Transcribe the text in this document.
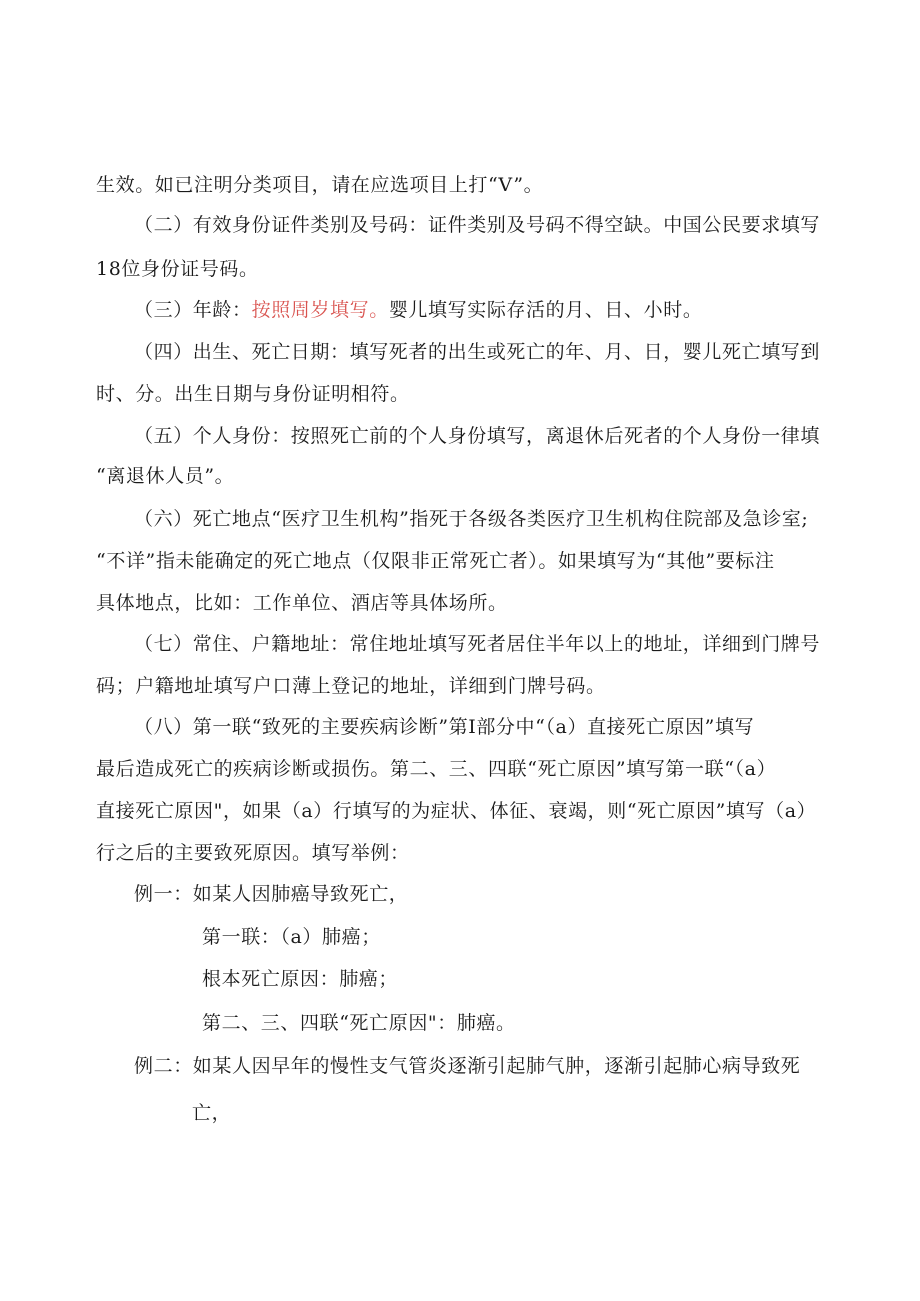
生效。如已注明分类项目，请在应选项目上打“V”。
（二）有效身份证件类别及号码：证件类别及号码不得空缺。中国公民要求填写
18位身份证号码。
（三）年龄：按照周岁填写。婴儿填写实际存活的月、日、小时。
（四）出生、死亡日期：填写死者的出生或死亡的年、月、日，婴儿死亡填写到
时、分。出生日期与身份证明相符。
（五）个人身份：按照死亡前的个人身份填写，离退休后死者的个人身份一律填
“离退休人员”。
（六）死亡地点“医疗卫生机构”指死于各级各类医疗卫生机构住院部及急诊室;
“不详”指未能确定的死亡地点（仅限非正常死亡者）。如果填写为“其他”要标注
具体地点，比如：工作单位、酒店等具体场所。
（七）常住、户籍地址：常住地址填写死者居住半年以上的地址，详细到门牌号
码；户籍地址填写户口薄上登记的地址，详细到门牌号码。
（八）第一联“致死的主要疾病诊断”第Ⅰ部分中“（a）直接死亡原因”填写
最后造成死亡的疾病诊断或损伤。第二、三、四联“死亡原因”填写第一联“（a）
直接死亡原因"，如果（a）行填写的为症状、体征、衰竭，则“死亡原因”填写（a）
行之后的主要致死原因。填写举例：
例一：如某人因肺癌导致死亡，
第一联：（a）肺癌；
根本死亡原因：肺癌；
第二、三、四联“死亡原因"：肺癌。
例二：如某人因早年的慢性支气管炎逐渐引起肺气肿，逐渐引起肺心病导致死
亡，
